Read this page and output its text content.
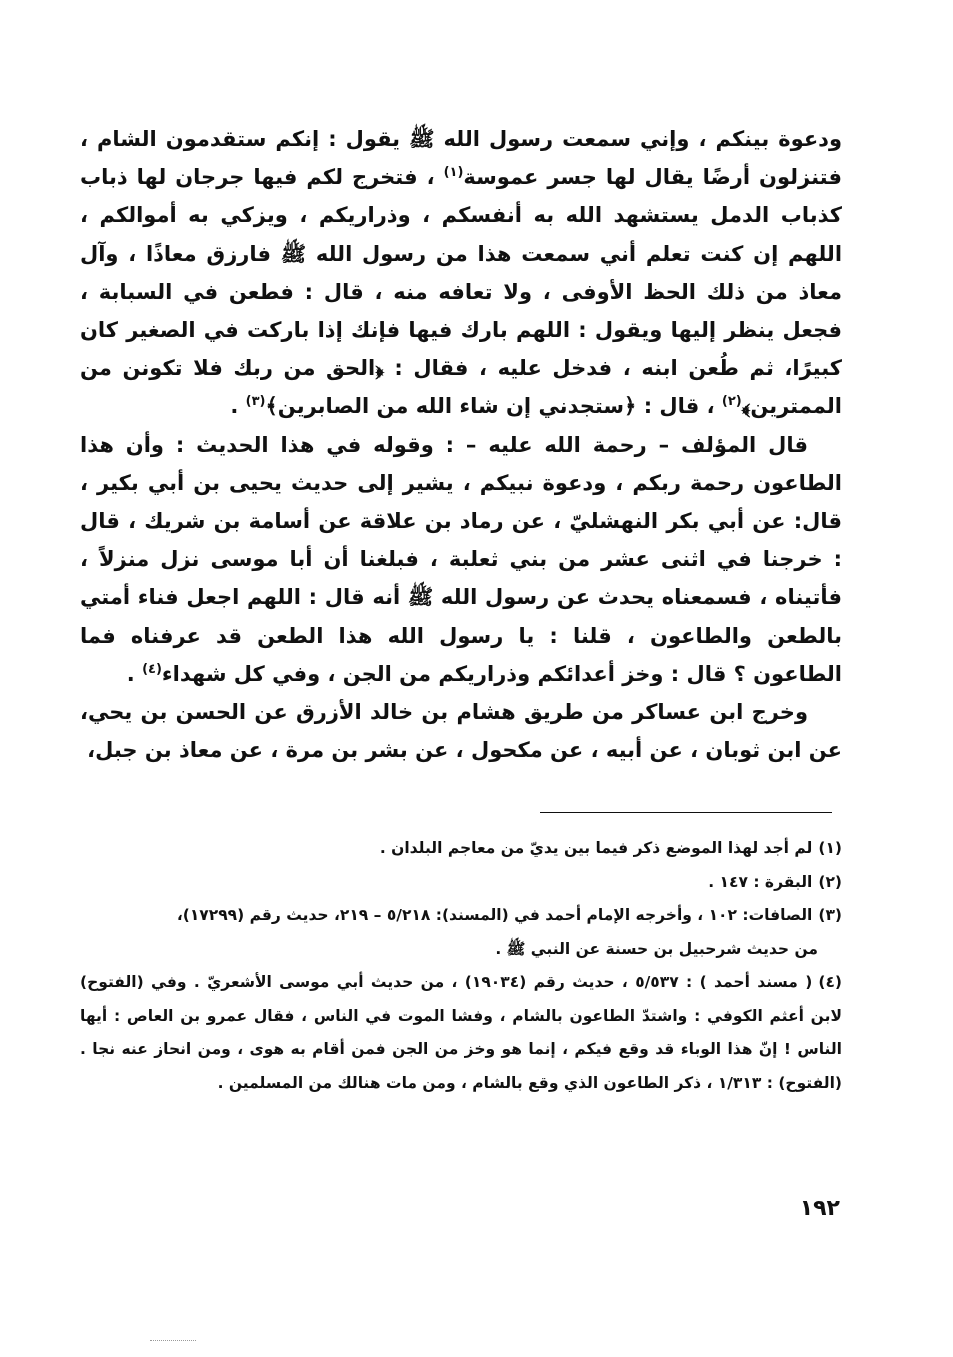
ودعوة بينكم ، وإني سمعت رسول الله ﷺ يقول : إنكم ستقدمون الشام ، فتنزلون أرضًا يقال لها جسر عموسة$^{(١)}$ ، فتخرج لكم فيها جرجان لها ذباب كذباب الدمل يستشهد الله به أنفسكم ، وذراريكم ، ويزكي به أموالكم ، اللهم إن كنت تعلم أني سمعت هذا من رسول الله ﷺ فارزق معاذًا ، وآل معاذ من ذلك الحظ الأوفى ، ولا تعافه منه ، قال : فطعن في السبابة ، فجعل ينظر إليها ويقول : اللهم بارك فيها فإنك إذا باركت في الصغير كان كبيرًا، ثم طُعن ابنه ، فدخل عليه ، فقال : ﴿الحق من ربك فلا تكونن من الممترين﴾$^{(٢)}$ ، قال : ﴿ستجدني إن شاء الله من الصابرين﴾$^{(٣)}$ .

قال المؤلف – رحمة الله عليه – : وقوله في هذا الحديث : وأن هذا الطاعون رحمة ربكم ، ودعوة نبيكم ، يشير إلى حديث يحيى بن أبي بكير ، قال: عن أبي بكر النهشليّ ، عن رماد بن علاقة عن أسامة بن شريك ، قال : خرجنا في اثنى عشر من بني ثعلبة ، فبلغنا أن أبا موسى نزل منزلاً ، فأتيناه ، فسمعناه يحدث عن رسول الله ﷺ أنه قال : اللهم اجعل فناء أمتي بالطعن والطاعون ، قلنا : يا رسول الله هذا الطعن قد عرفناه فما الطاعون ؟ قال : وخز أعدائكم وذراريكم من الجن ، وفي كل شهداء$^{(٤)}$ .

وخرج ابن عساكر من طريق هشام بن خالد الأزرق عن الحسن بن يحي، عن ابن ثوبان ، عن أبيه ، عن مكحول ، عن بشر بن مرة ، عن معاذ بن جبل،

(١)لم أجد لهذا الموضع ذكر فيما بين يديّ من معاجم البلدان .

(٢)البقرة : ١٤٧ .

(٣)الصافات: ١٠٢ ، وأخرجه الإمام أحمد في (المسند): ٥/٢١٨ – ٢١٩، حديث رقم (١٧٢٩٩)،
من حديث شرحبيل بن حسنة عن النبي ﷺ .

(٤)( مسند أحمد ) : ٥/٥٣٧ ، حديث رقم (١٩٠٣٤) ، من حديث أبي موسى الأشعريّ . وفي (الفتوح) لابن أعثم الكوفي : واشتدّ الطاعون بالشام ، وفشا الموت في الناس ، فقال عمرو بن العاص : أيها الناس ! إنّ هذا الوباء قد وقع فيكم ، إنما هو وخز من الجن فمن أقام به هوى ، ومن انحاز عنه نجا . (الفتوح) : ١/٣١٣ ، ذكر الطاعون الذي وقع بالشام ، ومن مات هنالك من المسلمين .

١٩٢
